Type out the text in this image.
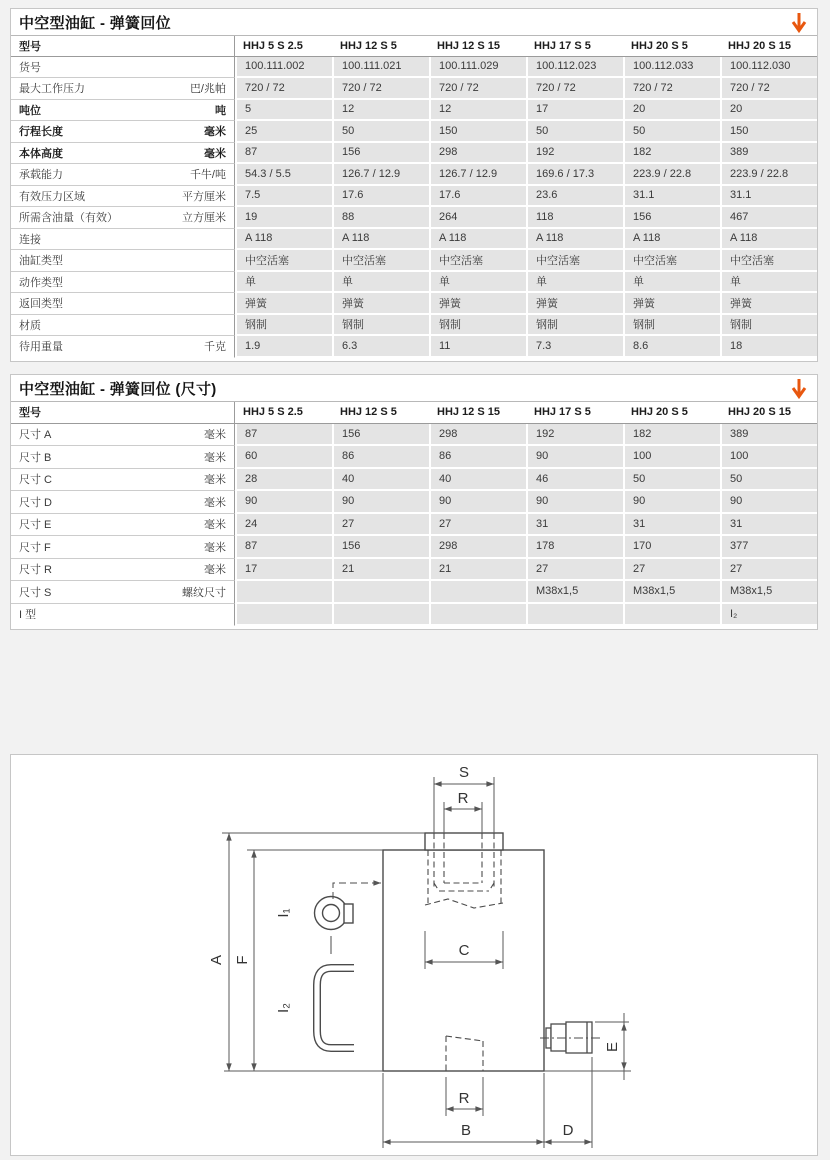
中空型油缸 - 弹簧回位
型号	HHJ 5 S 2.5	HHJ 12 S 5	HHJ 12 S 15	HHJ 17 S 5	HHJ 20 S 5	HHJ 20 S 15

货号	100.111.002	100.111.021	100.111.029	100.112.023	100.112.033	100.112.030

最大工作压力 巴/兆帕	720 / 72	720 / 72	720 / 72	720 / 72	720 / 72	720 / 72

吨位 吨	5	12	12	17	20	20

行程长度 毫米	25	50	150	50	50	150

本体高度 毫米	87	156	298	192	182	389

承载能力 千牛/吨	54.3 / 5.5	126.7 / 12.9	126.7 / 12.9	169.6 / 17.3	223.9 / 22.8	223.9 / 22.8

有效压力区域 平方厘米	7.5	17.6	17.6	23.6	31.1	31.1

所需含油量（有效） 立方厘米	19	88	264	118	156	467

连接	A 118	A 118	A 118	A 118	A 118	A 118

油缸类型	中空活塞	中空活塞	中空活塞	中空活塞	中空活塞	中空活塞

动作类型	单	单	单	单	单	单

返回类型	弹簧	弹簧	弹簧	弹簧	弹簧	弹簧

材质	钢制	钢制	钢制	钢制	钢制	钢制

待用重量 千克	1.9	6.3	11	7.3	8.6	18
中空型油缸 - 弹簧回位 (尺寸)
型号	HHJ 5 S 2.5	HHJ 12 S 5	HHJ 12 S 15	HHJ 17 S 5	HHJ 20 S 5	HHJ 20 S 15

尺寸 A 毫米	87	156	298	192	182	389

尺寸 B 毫米	60	86	86	90	100	100

尺寸 C 毫米	28	40	40	46	50	50

尺寸 D 毫米	90	90	90	90	90	90

尺寸 E 毫米	24	27	27	31	31	31

尺寸 F 毫米	87	156	298	178	170	377

尺寸 R 毫米	17	21	21	27	27	27

尺寸 S 螺纹尺寸				M38x1,5	M38x1,5	M38x1,5

I 型						I₂
S
R
C
I₁
I₂
A F
E
R
B	D
